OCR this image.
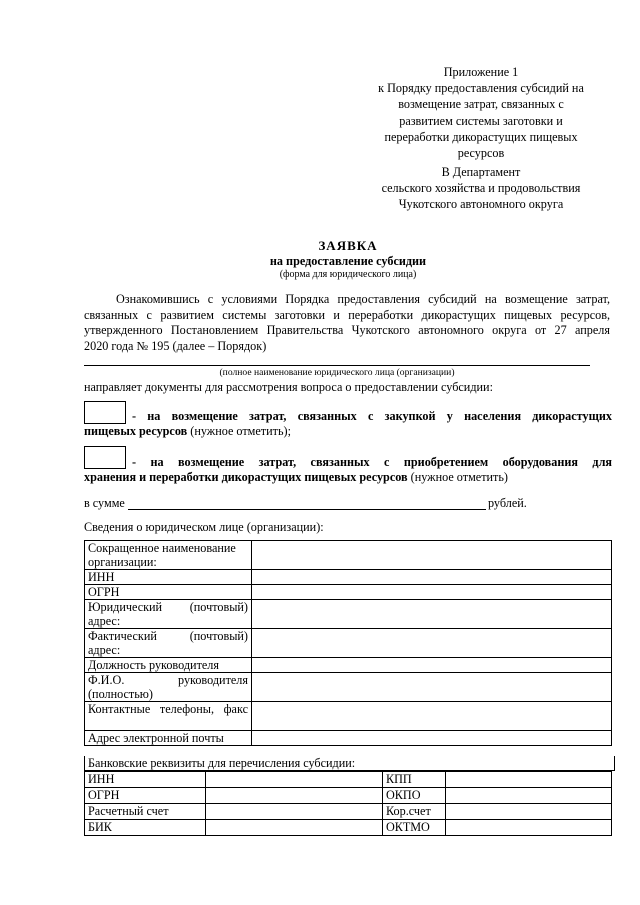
Приложение 1
к Порядку предоставления субсидий на
возмещение затрат, связанных с
развитием системы заготовки и
переработки дикорастущих пищевых
ресурсов
В Департамент
сельского хозяйства и продовольствия
Чукотского автономного округа
ЗАЯВКА
на предоставление субсидии
(форма для юридического лица)
Ознакомившись с условиями Порядка предоставления субсидий на возмещение затрат,
связанных с развитием системы заготовки и переработки дикорастущих пищевых ресурсов,
утвержденного Постановлением Правительства Чукотского автономного округа от 27 апреля
2020 года № 195 (далее – Порядок)
(полное наименование юридического лица (организации)
направляет документы для рассмотрения вопроса о предоставлении субсидии:
- на возмещение затрат, связанных с закупкой у населения дикорастущих
пищевых ресурсов (нужное отметить);
- на возмещение затрат, связанных с приобретением оборудования для
хранения и переработки дикорастущих пищевых ресурсов (нужное отметить)
в сумме	рублей.
Сведения о юридическом лице (организации):
Сокращенное наименование организации:	
ИНН	
ОГРН	
Юридический (почтовый) адрес:	
Фактический (почтовый) адрес:	
Должность руководителя	
Ф.И.О. руководителя (полностью)	
Контактные телефоны, факс	
Адрес электронной почты	
Банковские реквизиты для перечисления субсидии:
ИНН		КПП	
ОГРН		ОКПО	
Расчетный счет		Кор.счет	
БИК		ОКТМО	
